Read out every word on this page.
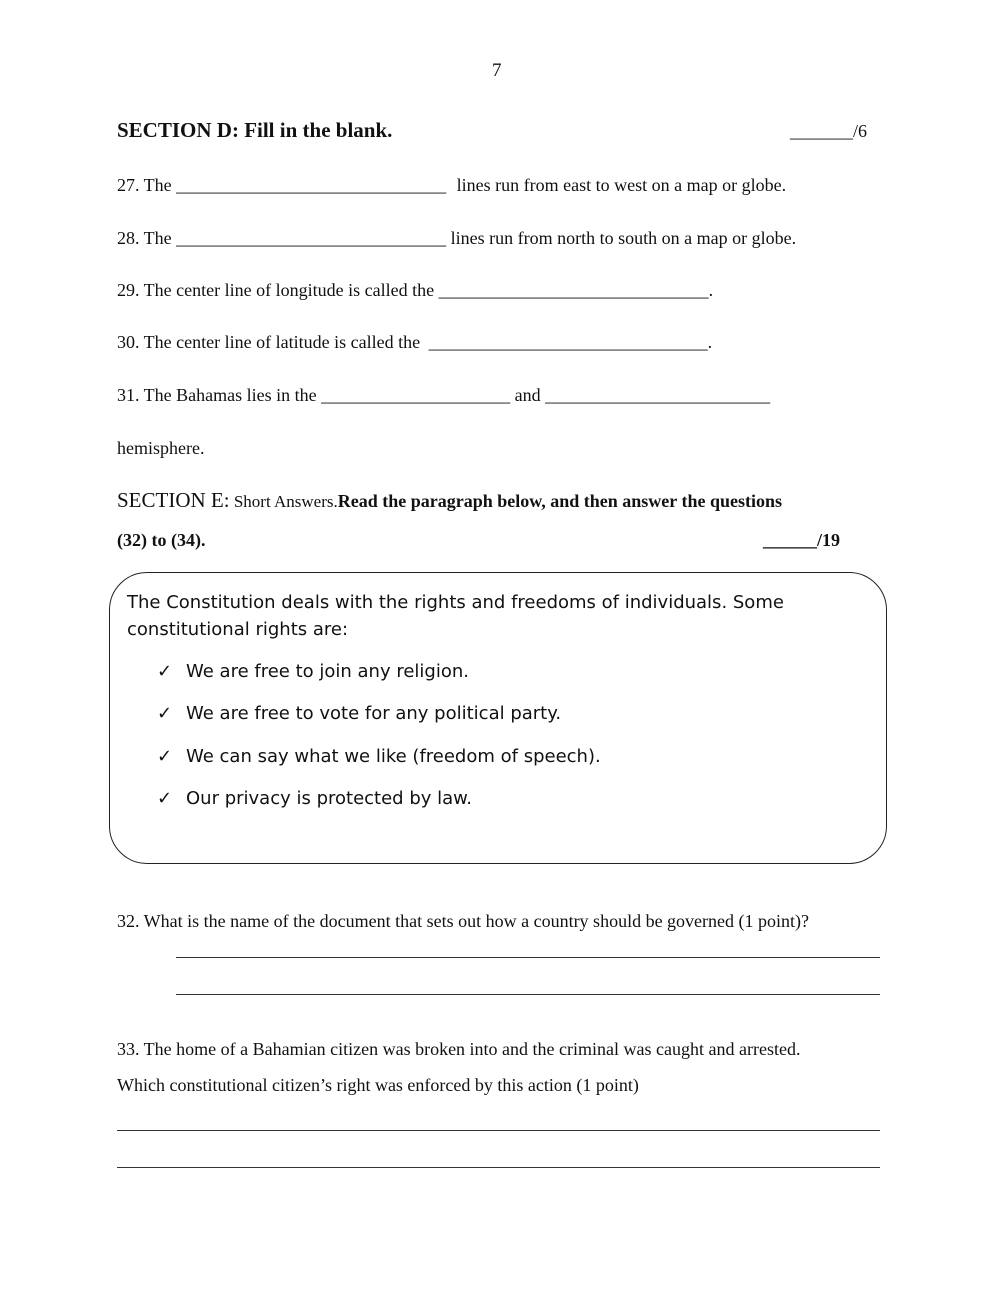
7
SECTION D: Fill in the blank.	_______/6
27. The ______________________________ lines run from east to west on a map or globe.
28. The ______________________________ lines run from north to south on a map or globe.
29. The center line of longitude is called the ______________________________.
30. The center line of latitude is called the _______________________________.
31. The Bahamas lies in the _____________________ and _________________________
hemisphere.
SECTION E: Short Answers.Read the paragraph below, and then answer the questions
(32) to (34).	______/19
The Constitution deals with the rights and freedoms of individuals. Some
constitutional rights are:
✓ We are free to join any religion.
✓ We are free to vote for any political party.
✓ We can say what we like (freedom of speech).
✓ Our privacy is protected by law.
32. What is the name of the document that sets out how a country should be governed (1 point)?
33. The home of a Bahamian citizen was broken into and the criminal was caught and arrested.
Which constitutional citizen’s right was enforced by this action (1 point)
